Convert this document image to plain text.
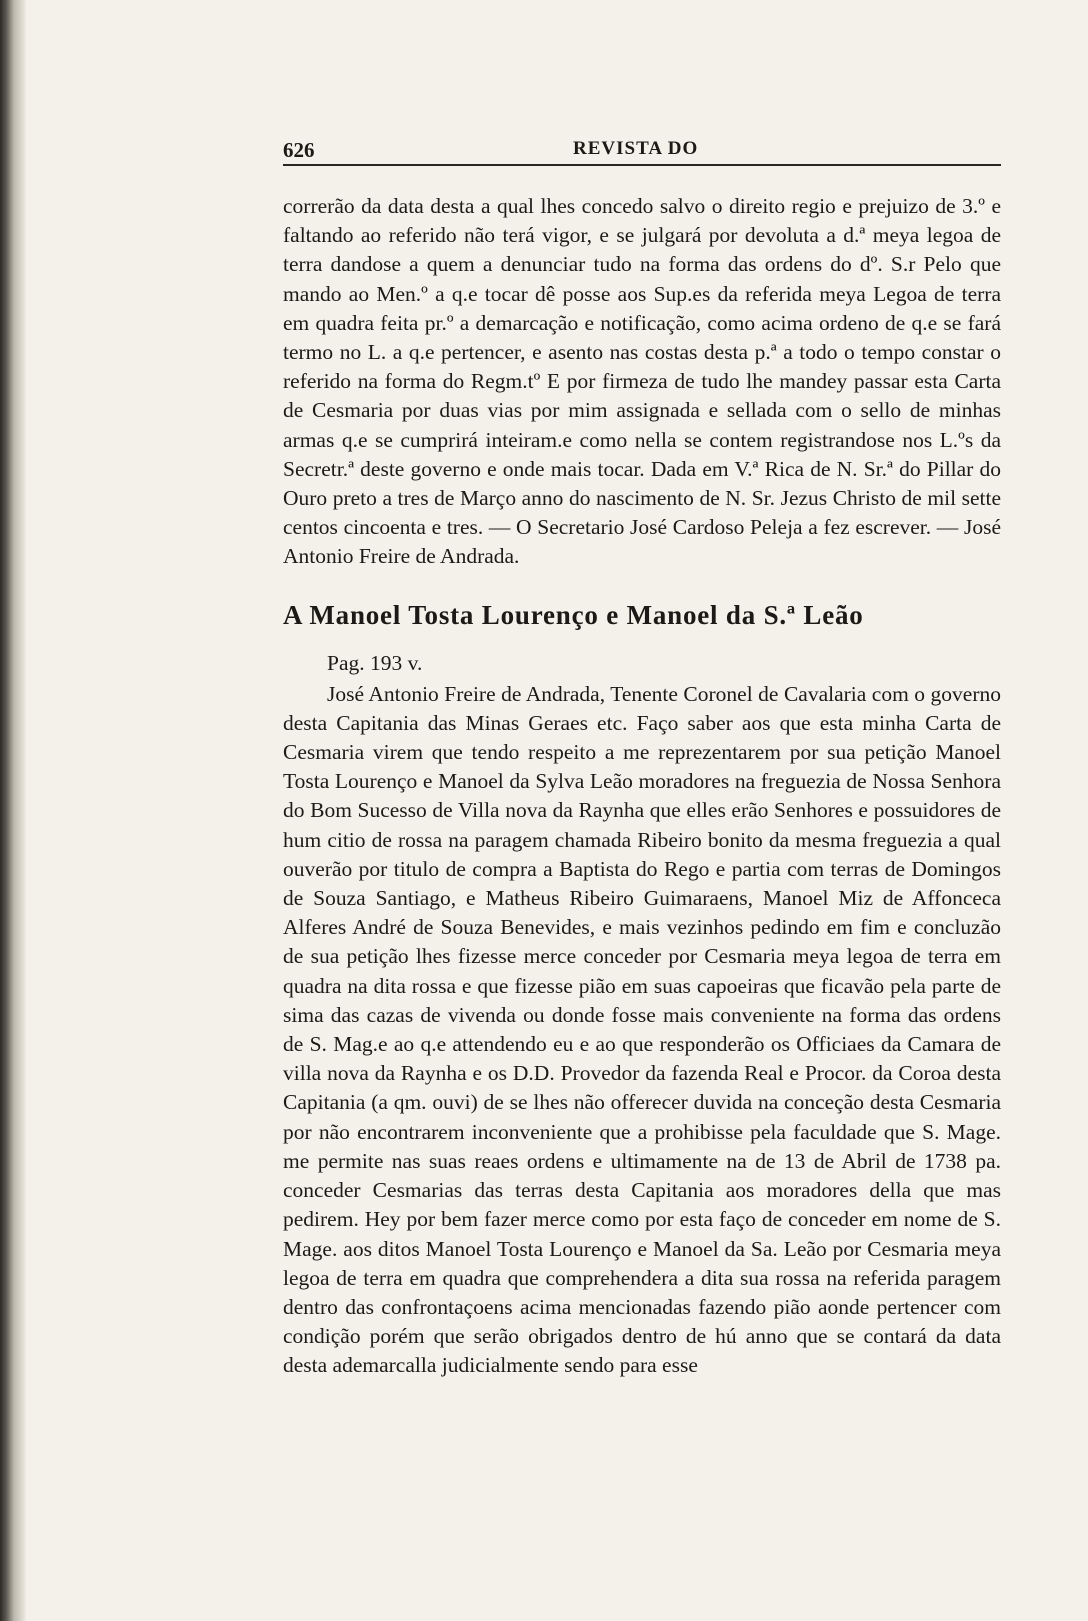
626	REVISTA DO

correrão da data desta a qual lhes concedo salvo o direito regio e prejuizo de 3.º e faltando ao referido não terá vigor, e se julgará por devoluta a d.ª meya legoa de terra dandose a quem a denunciar tudo na forma das ordens do dº. S.r Pelo que mando ao Men.º a q.e tocar dê posse aos Sup.es da referida meya Legoa de terra em quadra feita pr.º a demarcação e notificação, como acima ordeno de q.e se fará termo no L. a q.e pertencer, e asento nas costas desta p.ª a todo o tempo constar o referido na forma do Regm.tº E por firmeza de tudo lhe mandey passar esta Carta de Cesmaria por duas vias por mim assignada e sellada com o sello de minhas armas q.e se cumprirá inteiram.e como nella se contem registrandose nos L.ºs da Secretr.ª deste governo e onde mais tocar. Dada em V.ª Rica de N. Sr.ª do Pillar do Ouro preto a tres de Março anno do nascimento de N. Sr. Jezus Christo de mil sette centos cincoenta e tres. — O Secretario José Cardoso Peleja a fez escrever. — José Antonio Freire de Andrada.

A Manoel Tosta Lourenço e Manoel da S.ª Leão

Pag. 193 v.

José Antonio Freire de Andrada, Tenente Coronel de Cavalaria com o governo desta Capitania das Minas Geraes etc. Faço saber aos que esta minha Carta de Cesmaria virem que tendo respeito a me reprezentarem por sua petição Manoel Tosta Lourenço e Manoel da Sylva Leão moradores na freguezia de Nossa Senhora do Bom Sucesso de Villa nova da Raynha que elles erão Senhores e possuidores de hum citio de rossa na paragem chamada Ribeiro bonito da mesma freguezia a qual ouverão por titulo de compra a Baptista do Rego e partia com terras de Domingos de Souza Santiago, e Matheus Ribeiro Guimaraens, Manoel Miz de Affonceca Alferes André de Souza Benevides, e mais vezinhos pedindo em fim e concluzão de sua petição lhes fizesse merce conceder por Cesmaria meya legoa de terra em quadra na dita rossa e que fizesse pião em suas capoeiras que ficavão pela parte de sima das cazas de vivenda ou donde fosse mais conveniente na forma das ordens de S. Mag.e ao q.e attendendo eu e ao que responderão os Officiaes da Camara de villa nova da Raynha e os D.D. Provedor da fazenda Real e Procor. da Coroa desta Capitania (a qm. ouvi) de se lhes não offerecer duvida na conceção desta Cesmaria por não encontrarem inconveniente que a prohibisse pela faculdade que S. Mage. me permite nas suas reaes ordens e ultimamente na de 13 de Abril de 1738 pa. conceder Cesmarias das terras desta Capitania aos moradores della que mas pedirem. Hey por bem fazer merce como por esta faço de conceder em nome de S. Mage. aos ditos Manoel Tosta Lourenço e Manoel da Sa. Leão por Cesmaria meya legoa de terra em quadra que comprehendera a dita sua rossa na referida paragem dentro das confrontaçoens acima mencionadas fazendo pião aonde pertencer com condição porém que serão obrigados dentro de hú anno que se contará da data desta ademarcalla judicialmente sendo para esse
